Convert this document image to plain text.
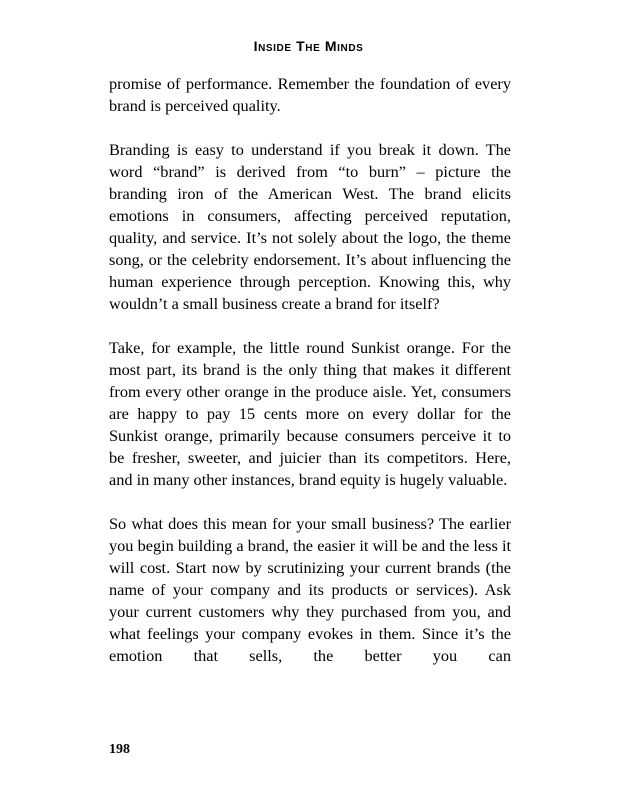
Inside The Minds

promise of performance. Remember the foundation of every brand is perceived quality.

Branding is easy to understand if you break it down. The word “brand” is derived from “to burn” – picture the branding iron of the American West. The brand elicits emotions in consumers, affecting perceived reputation, quality, and service. It’s not solely about the logo, the theme song, or the celebrity endorsement. It’s about influencing the human experience through perception. Knowing this, why wouldn’t a small business create a brand for itself?

Take, for example, the little round Sunkist orange. For the most part, its brand is the only thing that makes it different from every other orange in the produce aisle. Yet, consumers are happy to pay 15 cents more on every dollar for the Sunkist orange, primarily because consumers perceive it to be fresher, sweeter, and juicier than its competitors. Here, and in many other instances, brand equity is hugely valuable.

So what does this mean for your small business? The earlier you begin building a brand, the easier it will be and the less it will cost. Start now by scrutinizing your current brands (the name of your company and its products or services). Ask your current customers why they purchased from you, and what feelings your company evokes in them. Since it’s the emotion that sells, the better you can

198
